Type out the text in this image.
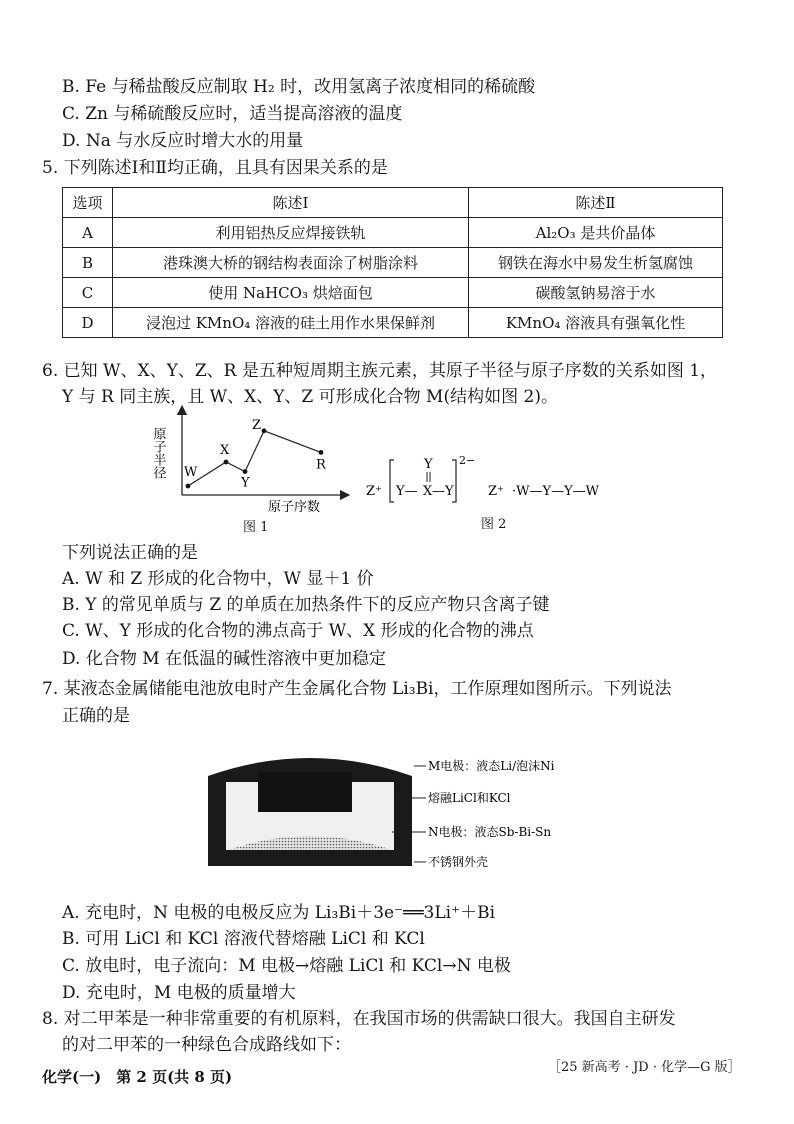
B. Fe 与稀盐酸反应制取 H₂ 时，改用氢离子浓度相同的稀硫酸
C. Zn 与稀硫酸反应时，适当提高溶液的温度
D. Na 与水反应时增大水的用量
5. 下列陈述Ⅰ和Ⅱ均正确，且具有因果关系的是
选项	陈述Ⅰ	陈述Ⅱ
A	利用铝热反应焊接铁轨	Al₂O₃ 是共价晶体
B	港珠澳大桥的钢结构表面涂了树脂涂料	钢铁在海水中易发生析氢腐蚀
C	使用 NaHCO₃ 烘焙面包	碳酸氢钠易溶于水
D	浸泡过 KMnO₄ 溶液的硅土用作水果保鲜剂	KMnO₄ 溶液具有强氧化性
6. 已知 W、X、Y、Z、R 是五种短周期主族元素，其原子半径与原子序数的关系如图 1，
Y 与 R 同主族，且 W、X、Y、Z 可形成化合物 M(结构如图 2)。
原子半径
原子序数
W
X
Y
Z
R
图 1
Z⁺
2−
Y
Y— X —Y	Z⁺ ·W—Y—Y—W
图 2
下列说法正确的是
A. W 和 Z 形成的化合物中，W 显＋1 价
B. Y 的常见单质与 Z 的单质在加热条件下的反应产物只含离子键
C. W、Y 形成的化合物的沸点高于 W、X 形成的化合物的沸点
D. 化合物 M 在低温的碱性溶液中更加稳定
7. 某液态金属储能电池放电时产生金属化合物 Li₃Bi，工作原理如图所示。下列说法
正确的是
M电极：液态Li/泡沫Ni
熔融LiCl和KCl
N电极：液态Sb-Bi-Sn
不锈钢外壳
A. 充电时，N 电极的电极反应为 Li₃Bi＋3e⁻══3Li⁺＋Bi
B. 可用 LiCl 和 KCl 溶液代替熔融 LiCl 和 KCl
C. 放电时，电子流向：M 电极→熔融 LiCl 和 KCl→N 电极
D. 充电时，M 电极的质量增大
8. 对二甲苯是一种非常重要的有机原料，在我国市场的供需缺口很大。我国自主研发
的对二甲苯的一种绿色合成路线如下：
化学(一)　第 2 页(共 8 页)
［25 新高考 · JD · 化学—G 版］
